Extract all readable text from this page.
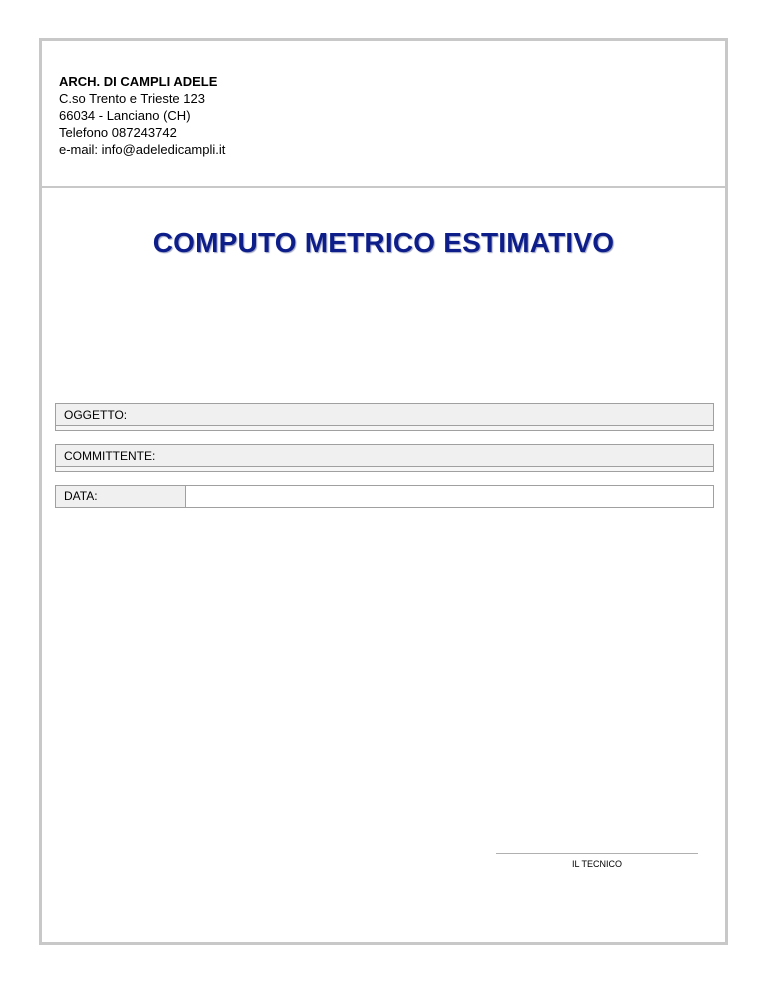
ARCH. DI CAMPLI ADELE
C.so Trento e Trieste 123
66034 - Lanciano (CH)
Telefono 087243742
e-mail: info@adeledicampli.it
COMPUTO METRICO ESTIMATIVO
OGGETTO:
COMMITTENTE:
DATA:
IL TECNICO
